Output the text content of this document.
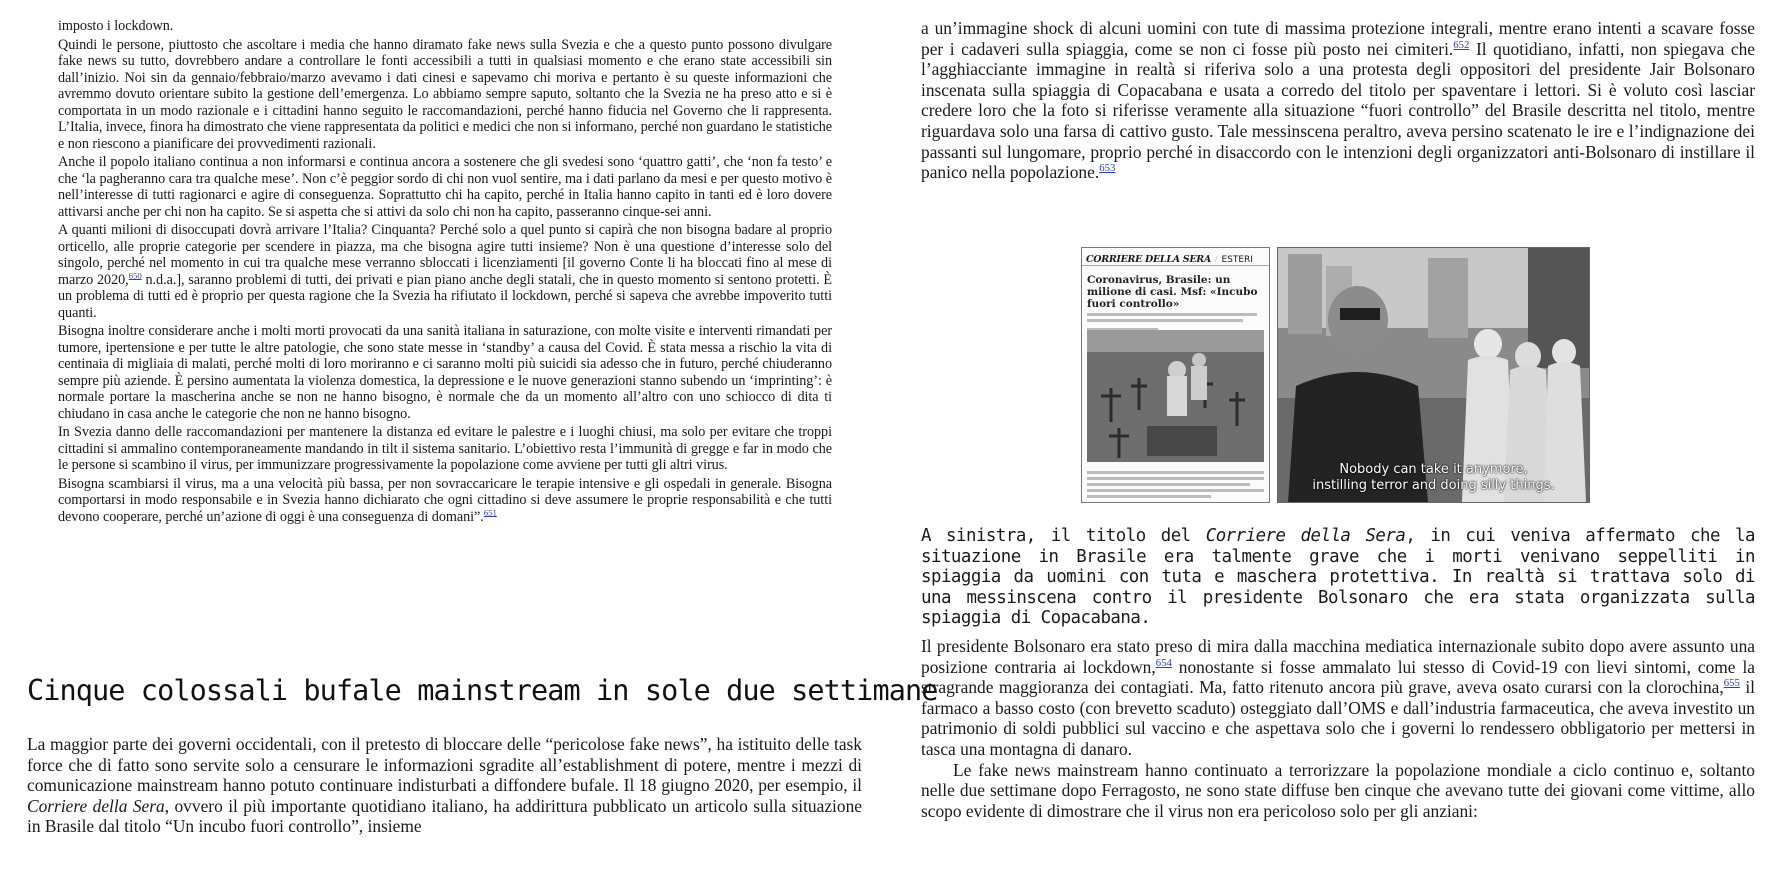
imposto i lockdown.

Quindi le persone, piuttosto che ascoltare i media che hanno diramato fake news sulla Svezia e che a questo punto possono divulgare fake news su tutto, dovrebbero andare a controllare le fonti accessibili a tutti in qualsiasi momento e che erano state accessibili sin dall’inizio. Noi sin da gennaio/febbraio/marzo avevamo i dati cinesi e sapevamo chi moriva e pertanto è su queste informazioni che avremmo dovuto orientare subito la gestione dell’emergenza. Lo abbiamo sempre saputo, soltanto che la Svezia ne ha preso atto e si è comportata in un modo razionale e i cittadini hanno seguito le raccomandazioni, perché hanno fiducia nel Governo che li rappresenta. L’Italia, invece, finora ha dimostrato che viene rappresentata da politici e medici che non si informano, perché non guardano le statistiche e non riescono a pianificare dei provvedimenti razionali.

Anche il popolo italiano continua a non informarsi e continua ancora a sostenere che gli svedesi sono ‘quattro gatti’, che ‘non fa testo’ e che ‘la pagheranno cara tra qualche mese’. Non c’è peggior sordo di chi non vuol sentire, ma i dati parlano da mesi e per questo motivo è nell’interesse di tutti ragionarci e agire di conseguenza. Soprattutto chi ha capito, perché in Italia hanno capito in tanti ed è loro dovere attivarsi anche per chi non ha capito. Se si aspetta che si attivi da solo chi non ha capito, passeranno cinque-sei anni.

A quanti milioni di disoccupati dovrà arrivare l’Italia? Cinquanta? Perché solo a quel punto si capirà che non bisogna badare al proprio orticello, alle proprie categorie per scendere in piazza, ma che bisogna agire tutti insieme? Non è una questione d’interesse solo del singolo, perché nel momento in cui tra qualche mese verranno sbloccati i licenziamenti [il governo Conte li ha bloccati fino al mese di marzo 2020,$^{650}$ n.d.a.], saranno problemi di tutti, dei privati e pian piano anche degli statali, che in questo momento si sentono protetti. È un problema di tutti ed è proprio per questa ragione che la Svezia ha rifiutato il lockdown, perché si sapeva che avrebbe impoverito tutti quanti.

Bisogna inoltre considerare anche i molti morti provocati da una sanità italiana in saturazione, con molte visite e interventi rimandati per tumore, ipertensione e per tutte le altre patologie, che sono state messe in ‘standby’ a causa del Covid. È stata messa a rischio la vita di centinaia di migliaia di malati, perché molti di loro moriranno e ci saranno molti più suicidi sia adesso che in futuro, perché chiuderanno sempre più aziende. È persino aumentata la violenza domestica, la depressione e le nuove generazioni stanno subendo un ‘imprinting’: è normale portare la mascherina anche se non ne hanno bisogno, è normale che da un momento all’altro con uno schiocco di dita ti chiudano in casa anche le categorie che non ne hanno bisogno.

In Svezia danno delle raccomandazioni per mantenere la distanza ed evitare le palestre e i luoghi chiusi, ma solo per evitare che troppi cittadini si ammalino contemporaneamente mandando in tilt il sistema sanitario. L’obiettivo resta l’immunità di gregge e far in modo che le persone si scambino il virus, per immunizzare progressivamente la popolazione come avviene per tutti gli altri virus.

Bisogna scambiarsi il virus, ma a una velocità più bassa, per non sovraccaricare le terapie intensive e gli ospedali in generale. Bisogna comportarsi in modo responsabile e in Svezia hanno dichiarato che ogni cittadino si deve assumere le proprie responsabilità e che tutti devono cooperare, perché un’azione di oggi è una conseguenza di domani”.$^{651}$

Cinque colossali bufale mainstream in sole due settimane

La maggior parte dei governi occidentali, con il pretesto di bloccare delle “pericolose fake news”, ha istituito delle task force che di fatto sono servite solo a censurare le informazioni sgradite all’establishment di potere, mentre i mezzi di comunicazione mainstream hanno potuto continuare indisturbati a diffondere bufale. Il 18 giugno 2020, per esempio, il Corriere della Sera, ovvero il più importante quotidiano italiano, ha addirittura pubblicato un articolo sulla situazione in Brasile dal titolo “Un incubo fuori controllo”, insieme

a un’immagine shock di alcuni uomini con tute di massima protezione integrali, mentre erano intenti a scavare fosse per i cadaveri sulla spiaggia, come se non ci fosse più posto nei cimiteri.$^{652}$ Il quotidiano, infatti, non spiegava che l’agghiacciante immagine in realtà si riferiva solo a una protesta degli oppositori del presidente Jair Bolsonaro inscenata sulla spiaggia di Copacabana e usata a corredo del titolo per spaventare i lettori. Si è voluto così lasciar credere loro che la foto si riferisse veramente alla situazione “fuori controllo” del Brasile descritta nel titolo, mentre riguardava solo una farsa di cattivo gusto. Tale messinscena peraltro, aveva persino scatenato le ire e l’indignazione dei passanti sul lungomare, proprio perché in disaccordo con le intenzioni degli organizzatori anti-Bolsonaro di instillare il panico nella popolazione.$^{653}$

CORRIERE DELLA SERA / ESTERI
Coronavirus, Brasile: un milione di casi. Msf: «Incubo fuori controllo»
Nobody can take it anymore,
instilling terror and doing silly things.

A sinistra, il titolo del Corriere della Sera, in cui veniva affermato che la situazione in Brasile era talmente grave che i morti venivano seppelliti in spiaggia da uomini con tuta e maschera protettiva. In realtà si trattava solo di una messinscena contro il presidente Bolsonaro che era stata organizzata sulla spiaggia di Copacabana.

Il presidente Bolsonaro era stato preso di mira dalla macchina mediatica internazionale subito dopo avere assunto una posizione contraria ai lockdown,$^{654}$ nonostante si fosse ammalato lui stesso di Covid-19 con lievi sintomi, come la stragrande maggioranza dei contagiati. Ma, fatto ritenuto ancora più grave, aveva osato curarsi con la clorochina,$^{655}$ il farmaco a basso costo (con brevetto scaduto) osteggiato dall’OMS e dall’industria farmaceutica, che aveva investito un patrimonio di soldi pubblici sul vaccino e che aspettava solo che i governi lo rendessero obbligatorio per mettersi in tasca una montagna di danaro.

Le fake news mainstream hanno continuato a terrorizzare la popolazione mondiale a ciclo continuo e, soltanto nelle due settimane dopo Ferragosto, ne sono state diffuse ben cinque che avevano tutte dei giovani come vittime, allo scopo evidente di dimostrare che il virus non era pericoloso solo per gli anziani:
